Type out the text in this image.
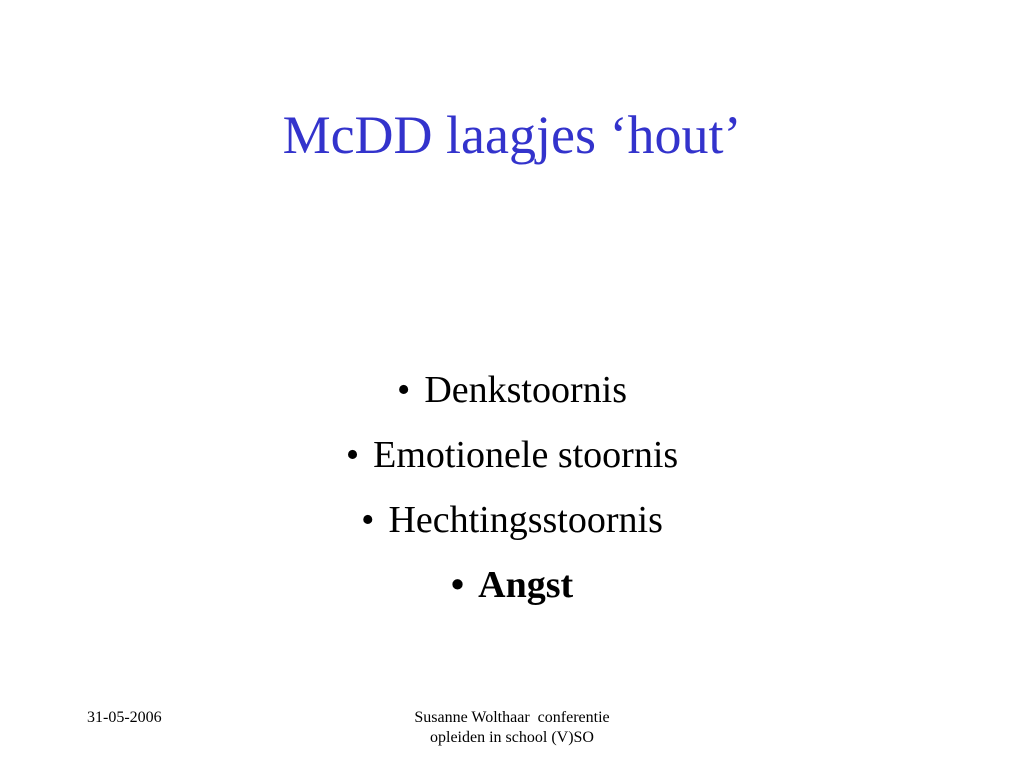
McDD laagjes ‘hout’
• Denkstoornis
• Emotionele stoornis
• Hechtingsstoornis
• Angst
31-05-2006	Susanne Wolthaar  conferentie
opleiden in school (V)SO
